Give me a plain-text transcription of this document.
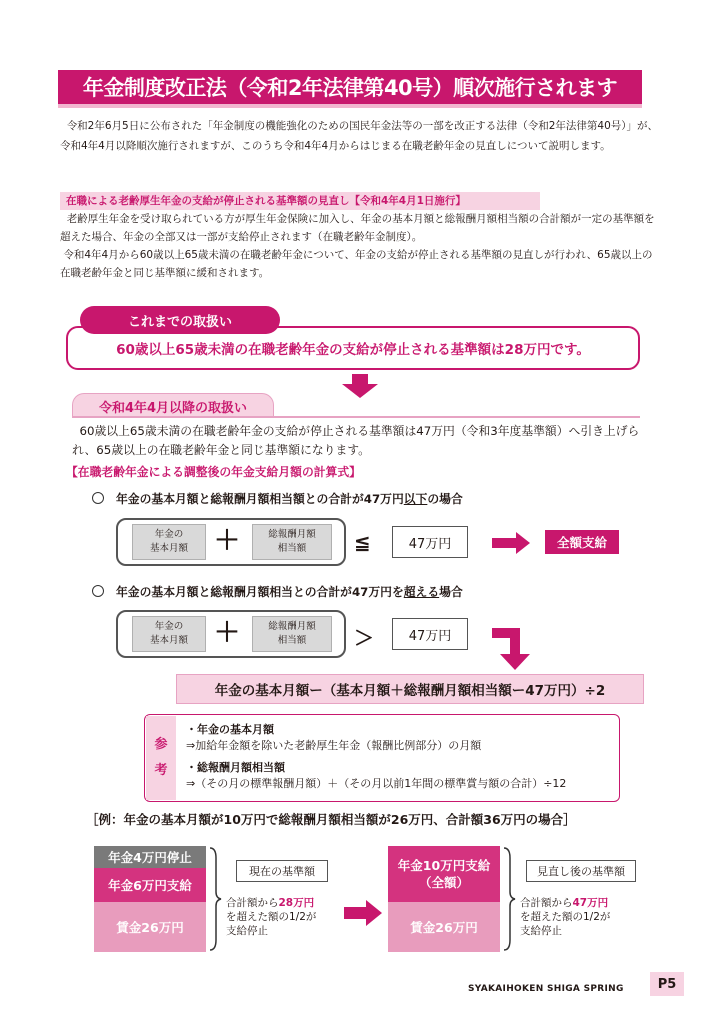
年金制度改正法（令和2年法律第40号）順次施行されます
令和2年6月5日に公布された「年金制度の機能強化のための国民年金法等の一部を改正する法律（令和2年法律第40号）」が、令和4年4月以降順次施行されますが、このうち令和4年4月からはじまる在職老齢年金の見直しについて説明します。
在職による老齢厚生年金の支給が停止される基準額の見直し【令和4年4月1日施行】
老齢厚生年金を受け取られている方が厚生年金保険に加入し、年金の基本月額と総報酬月額相当額の合計額が一定の基準額を超えた場合、年金の全部又は一部が支給停止されます（在職老齢年金制度）。
令和4年4月から60歳以上65歳未満の在職老齢年金について、年金の支給が停止される基準額の見直しが行われ、65歳以上の在職老齢年金と同じ基準額に緩和されます。
これまでの取扱い
60歳以上65歳未満の在職老齢年金の支給が停止される基準額は28万円です。
令和4年4月以降の取扱い
60歳以上65歳未満の在職老齢年金の支給が停止される基準額は47万円（令和3年度基準額）へ引き上げられ、65歳以上の在職老齢年金と同じ基準額になります。
【在職老齢年金による調整後の年金支給月額の計算式】
年金の基本月額と総報酬月額相当額との合計が47万円以下の場合
年金の
基本月額 ＋	総報酬月額
相当額 ≦	47万円	全額支給
年金の基本月額と総報酬月額相当との合計が47万円を超える場合
年金の
基本月額 ＋	総報酬月額
相当額 ＞	47万円
年金の基本月額ー（基本月額＋総報酬月額相当額ー47万円）÷2
参
考
・年金の基本月額
⇒加給年金額を除いた老齢厚生年金（報酬比例部分）の月額
・総報酬月額相当額
⇒（その月の標準報酬月額）＋（その月以前1年間の標準賞与額の合計）÷12
［例：年金の基本月額が10万円で総報酬月額相当額が26万円、合計額36万円の場合］
年金4万円停止
年金6万円支給
賃金26万円
現在の基準額
合計額から28万円
を超えた額の1/2が
支給停止
年金10万円支給
（全額）
賃金26万円
見直し後の基準額
合計額から47万円
を超えた額の1/2が
支給停止
SYAKAIHOKEN SHIGA SPRING	P5
